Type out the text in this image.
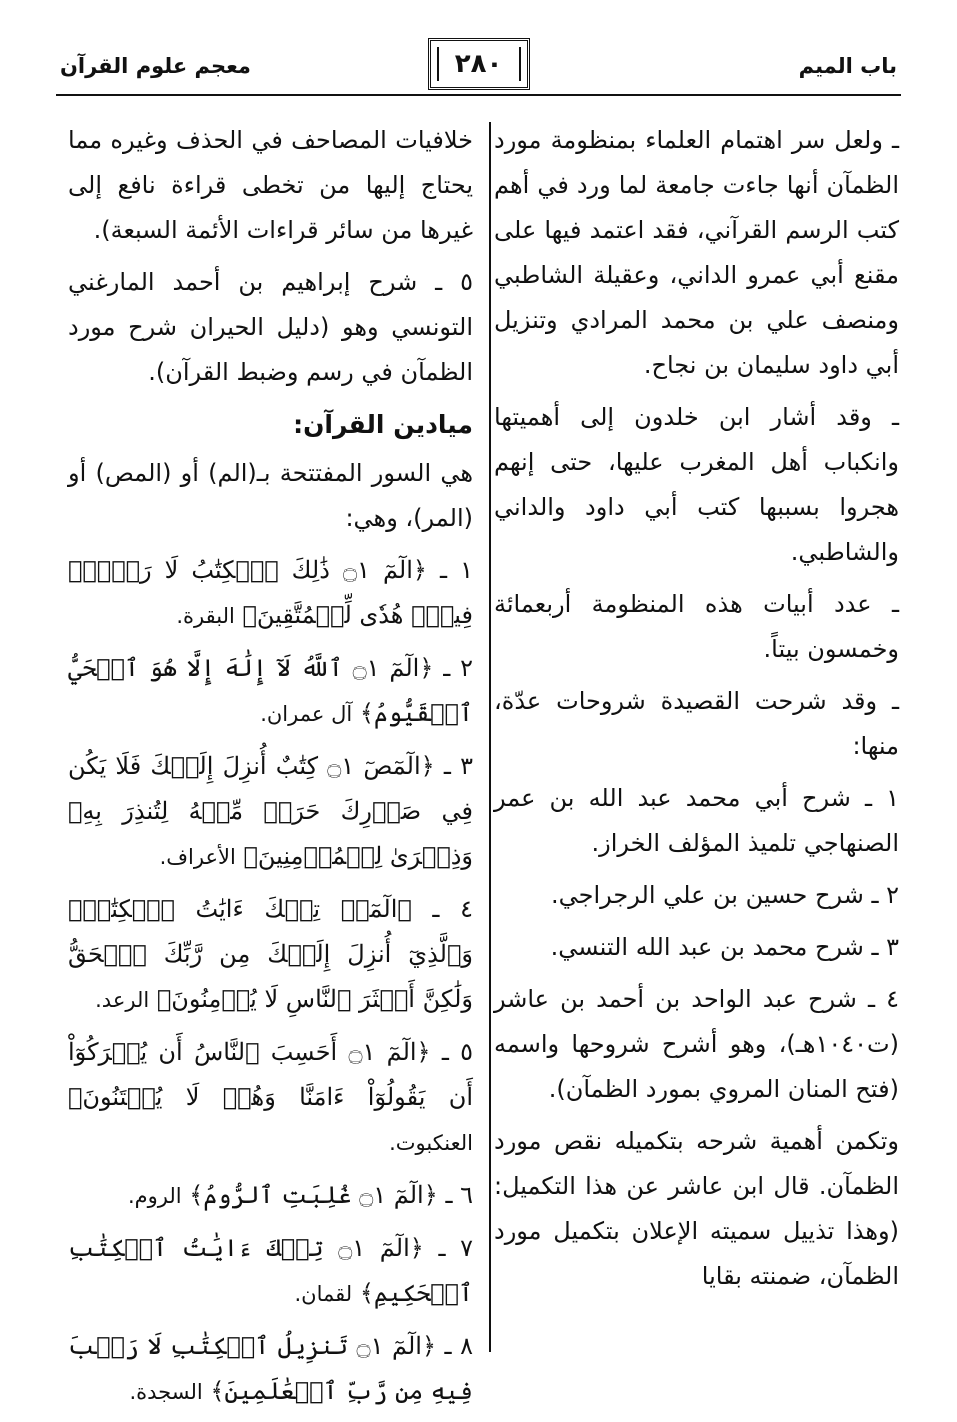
باب الميم
٢٨٠
معجم علوم القرآن

ـ ولعل سر اهتمام العلماء بمنظومة مورد الظمآن أنها جاءت جامعة لما ورد في أهم كتب الرسم القرآني، فقد اعتمد فيها على مقنع أبي عمرو الداني، وعقيلة الشاطبي ومنصف علي بن محمد المرادي وتنزيل أبي داود سليمان بن نجاح.

ـ وقد أشار ابن خلدون إلى أهميتها وانكباب أهل المغرب عليها، حتى إنهم هجروا بسببها كتب أبي داود والداني والشاطبي.

ـ عدد أبيات هذه المنظومة أربعمائة وخمسون بيتاً.

ـ وقد شرحت القصيدة شروحات عدّة، منها:

١ ـ شرح أبي محمد عبد الله بن عمر الصنهاجي تلميذ المؤلف الخراز.

٢ ـ شرح حسين بن علي الرجراجي.

٣ ـ شرح محمد بن عبد الله التنسي.

٤ ـ شرح عبد الواحد بن أحمد بن عاشر (ت١٠٤٠هـ)، وهو أشرح شروحها واسمه (فتح المنان المروي بمورد الظمآن).

وتكمن أهمية شرحه بتكميله نقص مورد الظمآن. قال ابن عاشر عن هذا التكميل: (وهذا تذييل سميته الإعلان بتكميل مورد الظمآن، ضمنته بقايا

خلافيات المصاحف في الحذف وغيره مما يحتاج إليها من تخطى قراءة نافع إلى غيرها من سائر قراءات الأئمة السبعة).

٥ ـ شرح إبراهيم بن أحمد المارغني التونسي وهو (دليل الحيران شرح مورد الظمآن في رسم وضبط القرآن).

ميادين القرآن:

هي السور المفتتحة بـ(الم) أو (المص) أو (المر)، وهي:

١ ـ ﴿الٓمٓ ۝١ ذَٰلِكَ ٱلۡكِتَٰبُ لَا رَيۡبَۛ فِيهِۛ هُدٗى لِّلۡمُتَّقِينَ﴾ البقرة.

٢ ـ ﴿الٓمٓ ۝١ ٱللَّهُ لَآ إِلَٰهَ إِلَّا هُوَ ٱلۡحَيُّ ٱلۡقَيُّومُ﴾ آل عمران.

٣ ـ ﴿الٓمٓصٓ ۝١ كِتَٰبٌ أُنزِلَ إِلَيۡكَ فَلَا يَكُن فِي صَدۡرِكَ حَرَجٞ مِّنۡهُ لِتُنذِرَ بِهِۦ وَذِكۡرَىٰ لِلۡمُؤۡمِنِينَ﴾ الأعراف.

٤ ـ ﴿الٓمٓرۚ تِلۡكَ ءَايَٰتُ ٱلۡكِتَٰبِۗ وَٱلَّذِيٓ أُنزِلَ إِلَيۡكَ مِن رَّبِّكَ ٱلۡحَقُّ وَلَٰكِنَّ أَكۡثَرَ ٱلنَّاسِ لَا يُؤۡمِنُونَ﴾ الرعد.

٥ ـ ﴿الٓمٓ ۝١ أَحَسِبَ ٱلنَّاسُ أَن يُتۡرَكُوٓاْ أَن يَقُولُوٓاْ ءَامَنَّا وَهُمۡ لَا يُفۡتَنُونَ﴾ العنكبوت.

٦ ـ ﴿الٓمٓ ۝١ غُلِبَتِ ٱلرُّومُ﴾ الروم.

٧ ـ ﴿الٓمٓ ۝١ تِلۡكَ ءَايَٰتُ ٱلۡكِتَٰبِ ٱلۡحَكِيمِ﴾ لقمان.

٨ ـ ﴿الٓمٓ ۝١ تَنزِيلُ ٱلۡكِتَٰبِ لَا رَيۡبَ فِيهِ مِن رَّبِّ ٱلۡعَٰلَمِينَ﴾ السجدة.
